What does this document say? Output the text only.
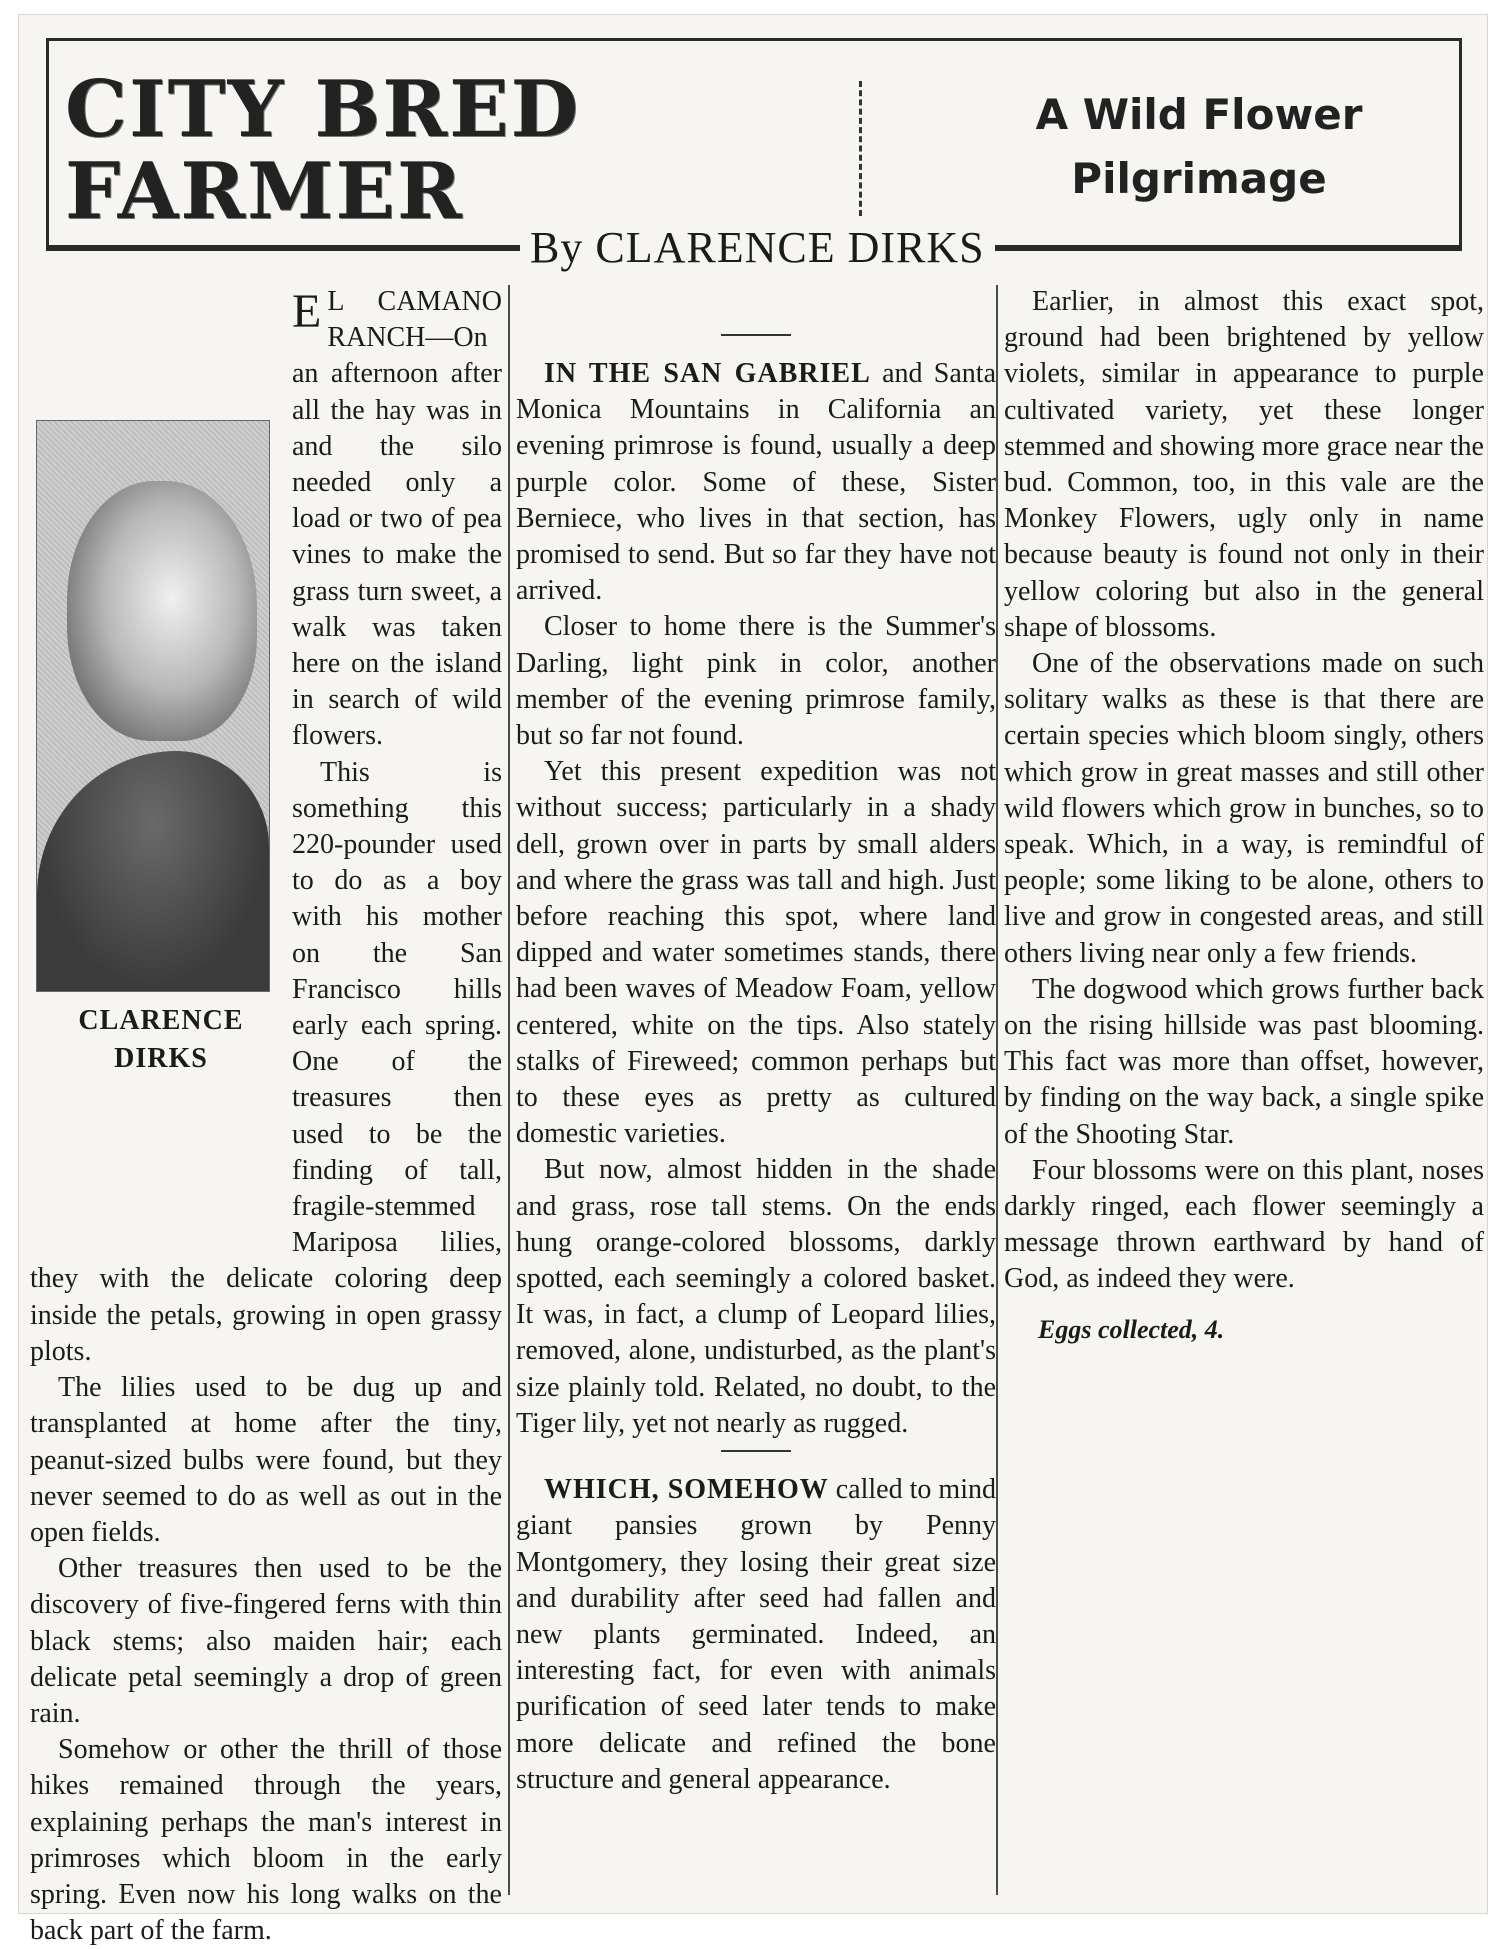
CITY BRED
FARMER
A Wild Flower
Pilgrimage
By CLARENCE DIRKS
CLARENCE
DIRKS

E L CAMANO RANCH—On an afternoon after all the hay was in and the silo needed only a load or two of pea vines to make the grass turn sweet, a walk was taken here on the island in search of wild flowers.

This is something this 220-pounder used to do as a boy with his mother on the San Francisco hills early each spring. One of the treasures then used to be the finding of tall, fragile-stemmed Mariposa lilies, they with the delicate coloring deep inside the petals, growing in open grassy plots.

The lilies used to be dug up and transplanted at home after the tiny, peanut-sized bulbs were found, but they never seemed to do as well as out in the open fields.

Other treasures then used to be the discovery of five-fingered ferns with thin black stems; also maiden hair; each delicate petal seemingly a drop of green rain.

Somehow or other the thrill of those hikes remained through the years, explaining perhaps the man's interest in primroses which bloom in the early spring. Even now his long walks on the back part of the farm.

IN THE SAN GABRIEL and Santa Monica Mountains in California an evening primrose is found, usually a deep purple color. Some of these, Sister Berniece, who lives in that section, has promised to send. But so far they have not arrived.

Closer to home there is the Summer's Darling, light pink in color, another member of the evening primrose family, but so far not found.

Yet this present expedition was not without success; particularly in a shady dell, grown over in parts by small alders and where the grass was tall and high. Just before reaching this spot, where land dipped and water sometimes stands, there had been waves of Meadow Foam, yellow centered, white on the tips. Also stately stalks of Fireweed; common perhaps but to these eyes as pretty as cultured domestic varieties.

But now, almost hidden in the shade and grass, rose tall stems. On the ends hung orange-colored blossoms, darkly spotted, each seemingly a colored basket. It was, in fact, a clump of Leopard lilies, removed, alone, undisturbed, as the plant's size plainly told. Related, no doubt, to the Tiger lily, yet not nearly as rugged.

WHICH, SOMEHOW called to mind giant pansies grown by Penny Montgomery, they losing their great size and durability after seed had fallen and new plants germinated. Indeed, an interesting fact, for even with animals purification of seed later tends to make more delicate and refined the bone structure and general appearance.

Earlier, in almost this exact spot, ground had been brightened by yellow violets, similar in appearance to purple cultivated variety, yet these longer stemmed and showing more grace near the bud. Common, too, in this vale are the Monkey Flowers, ugly only in name because beauty is found not only in their yellow coloring but also in the general shape of blossoms.

One of the observations made on such solitary walks as these is that there are certain species which bloom singly, others which grow in great masses and still other wild flowers which grow in bunches, so to speak. Which, in a way, is remindful of people; some liking to be alone, others to live and grow in congested areas, and still others living near only a few friends.

The dogwood which grows further back on the rising hillside was past blooming. This fact was more than offset, however, by finding on the way back, a single spike of the Shooting Star.

Four blossoms were on this plant, noses darkly ringed, each flower seemingly a message thrown earthward by hand of God, as indeed they were.

Eggs collected, 4.
